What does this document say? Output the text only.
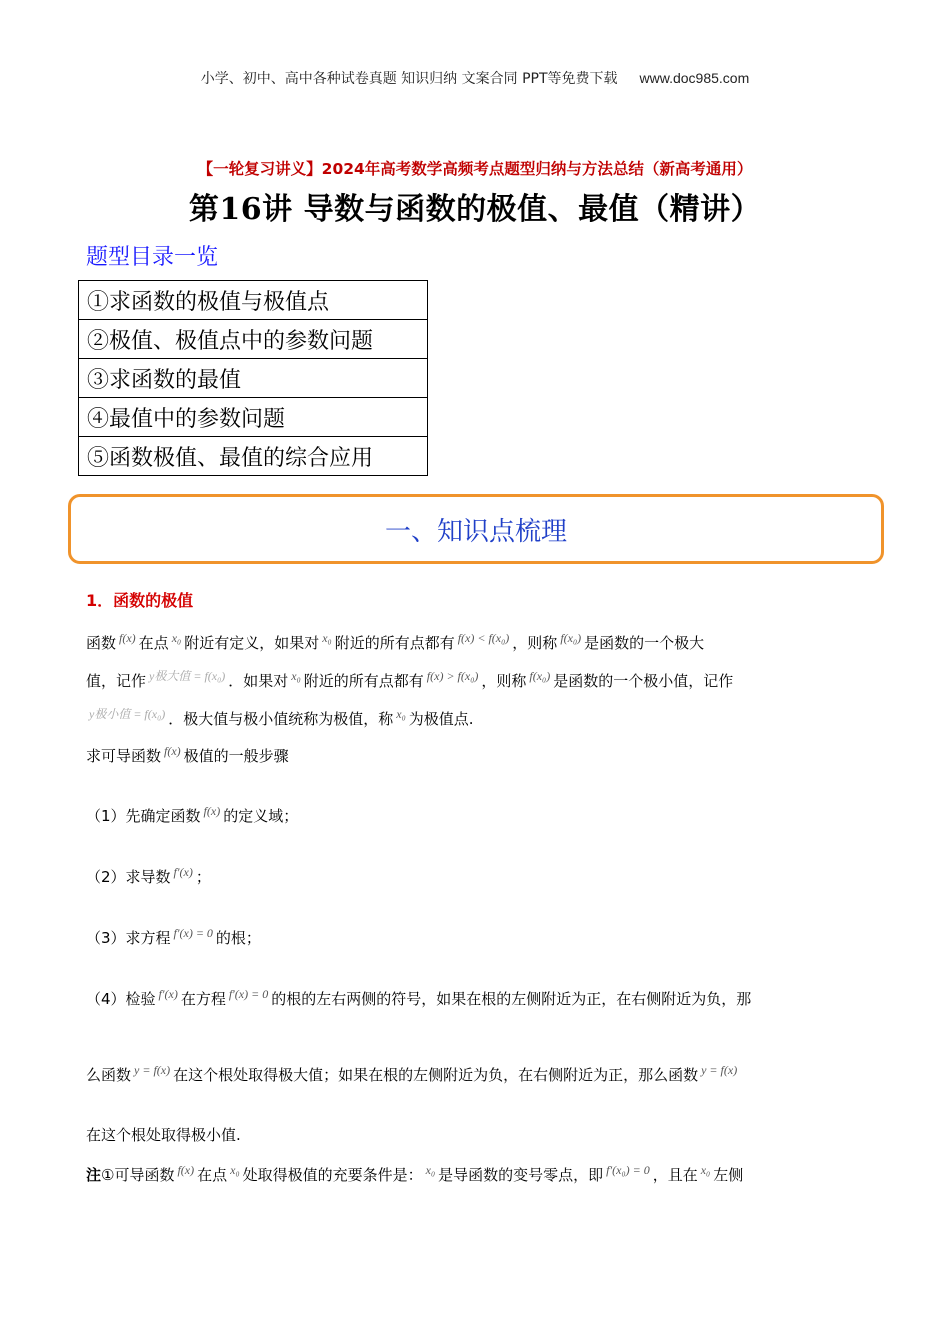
小学、初中、高中各种试卷真题 知识归纳 文案合同 PPT等免费下载 www.doc985.com
【一轮复习讲义】2024年高考数学高频考点题型归纳与方法总结（新高考通用）
第16讲 导数与函数的极值、最值（精讲）
题型目录一览
①求函数的极值与极值点
②极值、极值点中的参数问题
③求函数的最值
④最值中的参数问题
⑤函数极值、最值的综合应用
一、知识点梳理
1．函数的极值
函数 $^{f(x)}$ 在点 $^{x_0}$ 附近有定义，如果对 $^{x_0}$ 附近的所有点都有 $^{f(x) < f(x_0)}$ ，则称 $^{f(x_0)}$ 是函数的一个极大
值，记作 $^{y极大值 = f(x_0)}$ ．如果对 $^{x_0}$ 附近的所有点都有 $^{f(x) > f(x_0)}$ ，则称 $^{f(x_0)}$ 是函数的一个极小值，记作
$^{y极小值 = f(x_0)}$ ．极大值与极小值统称为极值，称 $^{x_0}$ 为极值点.
求可导函数 $^{f(x)}$ 极值的一般步骤
（1）先确定函数 $^{f(x)}$ 的定义域；
（2）求导数 $^{f'(x)}$ ；
（3）求方程 $^{f'(x) = 0}$ 的根；
（4）检验 $^{f'(x)}$ 在方程 $^{f'(x) = 0}$ 的根的左右两侧的符号，如果在根的左侧附近为正，在右侧附近为负，那
么函数 $^{y = f(x)}$ 在这个根处取得极大值；如果在根的左侧附近为负，在右侧附近为正，那么函数 $^{y = f(x)}$
在这个根处取得极小值.
注①可导函数 $^{f(x)}$ 在点 $^{x_0}$ 处取得极值的充要条件是： $^{x_0}$ 是导函数的变号零点，即 $^{f'(x_0) = 0}$ ，且在 $^{x_0}$ 左侧
